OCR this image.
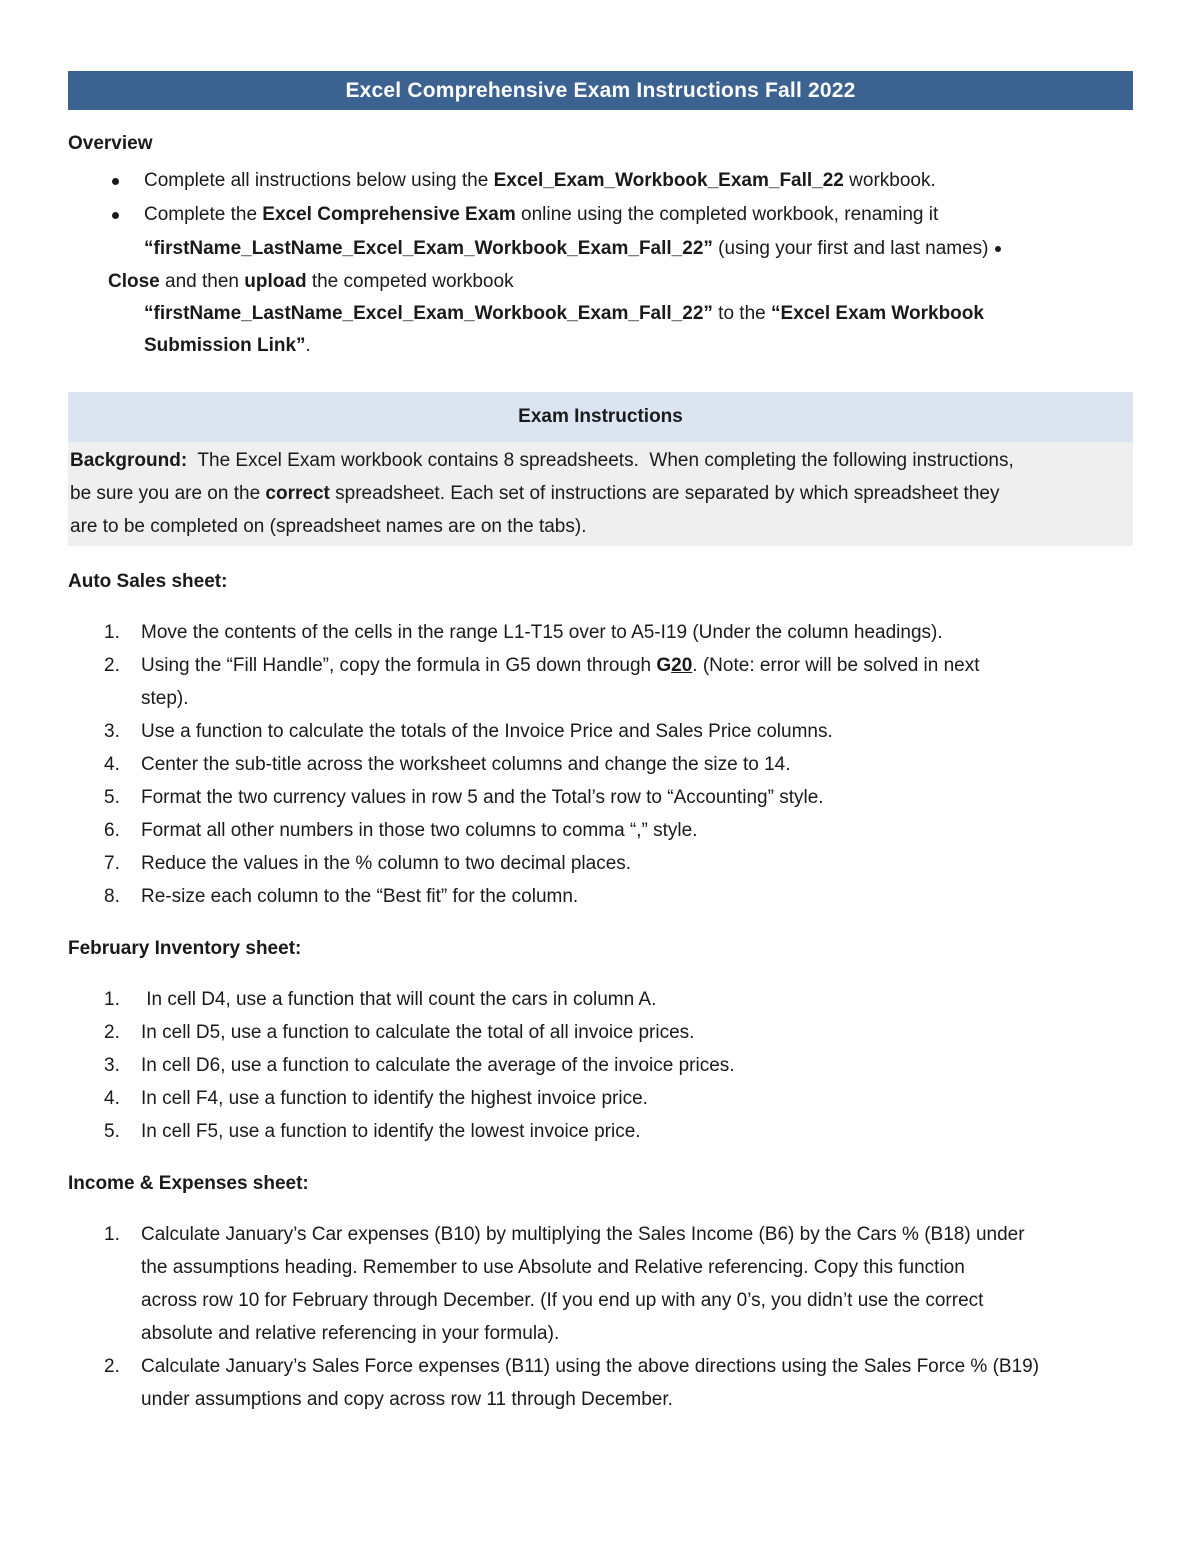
Excel Comprehensive Exam Instructions Fall 2022

Overview

Complete all instructions below using the Excel_Exam_Workbook_Exam_Fall_22 workbook.
Complete the Excel Comprehensive Exam online using the completed workbook, renaming it
“firstName_LastName_Excel_Exam_Workbook_Exam_Fall_22” (using your first and last names)
Close and then upload the competed workbook
“firstName_LastName_Excel_Exam_Workbook_Exam_Fall_22” to the “Excel Exam Workbook
Submission Link”.
Exam Instructions
Background:  The Excel Exam workbook contains 8 spreadsheets.  When completing the following instructions,
be sure you are on the correct spreadsheet. Each set of instructions are separated by which spreadsheet they
are to be completed on (spreadsheet names are on the tabs).

Auto Sales sheet:

1. Move the contents of the cells in the range L1-T15 over to A5-I19 (Under the column headings).
2. Using the “Fill Handle”, copy the formula in G5 down through G20. (Note: error will be solved in next
step).
3. Use a function to calculate the totals of the Invoice Price and Sales Price columns.
4. Center the sub-title across the worksheet columns and change the size to 14.
5. Format the two currency values in row 5 and the Total’s row to “Accounting” style.
6. Format all other numbers in those two columns to comma “,” style.
7. Reduce the values in the % column to two decimal places.
8. Re-size each column to the “Best fit” for the column.

February Inventory sheet:

1. In cell D4, use a function that will count the cars in column A.
2. In cell D5, use a function to calculate the total of all invoice prices.
3. In cell D6, use a function to calculate the average of the invoice prices.
4. In cell F4, use a function to identify the highest invoice price.
5. In cell F5, use a function to identify the lowest invoice price.

Income & Expenses sheet:

1. Calculate January’s Car expenses (B10) by multiplying the Sales Income (B6) by the Cars % (B18) under
the assumptions heading. Remember to use Absolute and Relative referencing. Copy this function
across row 10 for February through December. (If you end up with any 0’s, you didn’t use the correct
absolute and relative referencing in your formula).
2. Calculate January’s Sales Force expenses (B11) using the above directions using the Sales Force % (B19)
under assumptions and copy across row 11 through December.
